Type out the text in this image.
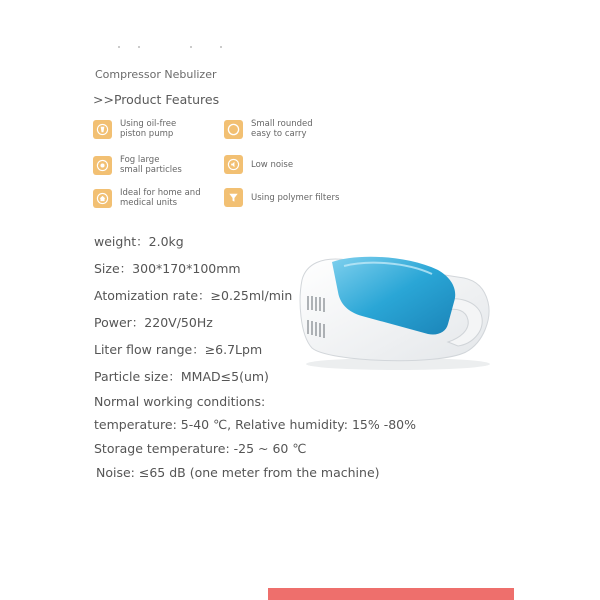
Compressor Nebulizer
>>Product Features
Using oil-free
piston pump
Small rounded
easy to carry
Fog large
small particles
Low noise
Ideal for home and
medical units
Using polymer filters
weight：2.0kg
Size：300*170*100mm
Atomization rate：≥0.25ml/min
Power：220V/50Hz
Liter flow range：≥6.7Lpm
Particle size：MMAD≤5(um)
Normal working conditions:
temperature: 5-40 ℃, Relative humidity: 15% -80%
Storage temperature: -25 ~ 60 ℃
Noise: ≤65 dB (one meter from the machine)
